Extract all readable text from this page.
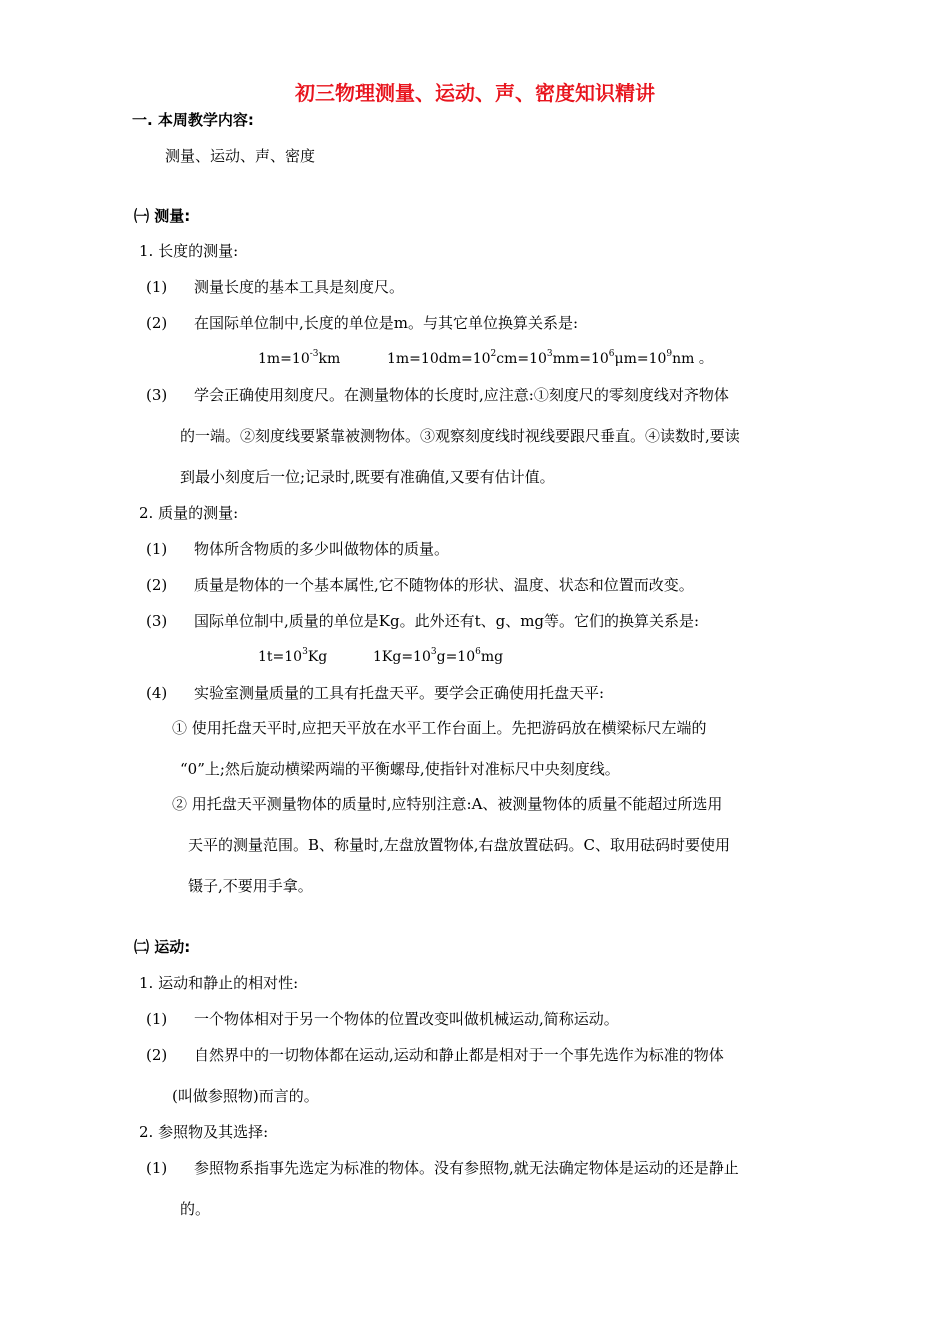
初三物理测量、运动、声、密度知识精讲
一. 本周教学内容:
测量、运动、声、密度
㈠ 测量:
1. 长度的测量:
(1) 测量长度的基本工具是刻度尺。
(2) 在国际单位制中,长度的单位是m。与其它单位换算关系是:
$1m=10^{-3}km$	$1m=10dm=10^2cm=10^3mm=10^6\mu m=10^9nm$ 。
(3) 学会正确使用刻度尺。在测量物体的长度时,应注意:①刻度尺的零刻度线对齐物体
的一端。②刻度线要紧靠被测物体。③观察刻度线时视线要跟尺垂直。④读数时,要读
到最小刻度后一位;记录时,既要有准确值,又要有估计值。
2. 质量的测量:
(1) 物体所含物质的多少叫做物体的质量。
(2) 质量是物体的一个基本属性,它不随物体的形状、温度、状态和位置而改变。
(3) 国际单位制中,质量的单位是Kg。此外还有t、g、mg等。它们的换算关系是:
$1t=10^3Kg$	$1Kg=10^3g=10^6mg$
(4) 实验室测量质量的工具有托盘天平。要学会正确使用托盘天平:
① 使用托盘天平时,应把天平放在水平工作台面上。先把游码放在横梁标尺左端的
“0”上;然后旋动横梁两端的平衡螺母,使指针对准标尺中央刻度线。
② 用托盘天平测量物体的质量时,应特别注意:A、被测量物体的质量不能超过所选用
天平的测量范围。B、称量时,左盘放置物体,右盘放置砝码。C、取用砝码时要使用
镊子,不要用手拿。
㈡ 运动:
1. 运动和静止的相对性:
(1) 一个物体相对于另一个物体的位置改变叫做机械运动,简称运动。
(2) 自然界中的一切物体都在运动,运动和静止都是相对于一个事先选作为标准的物体
(叫做参照物)而言的。
2. 参照物及其选择:
(1) 参照物系指事先选定为标准的物体。没有参照物,就无法确定物体是运动的还是静止
的。
